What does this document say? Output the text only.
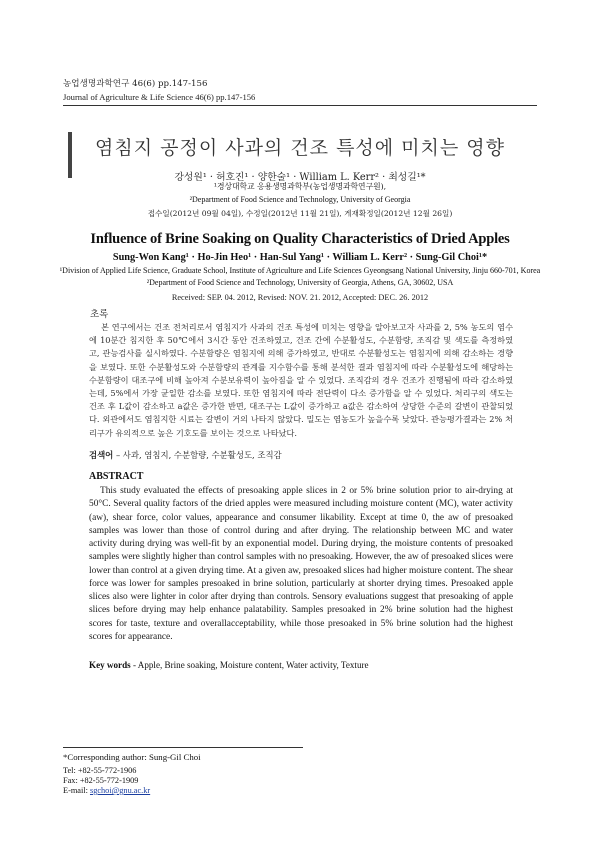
농업생명과학연구 46(6) pp.147-156
Journal of Agriculture & Life Science 46(6) pp.147-156
염침지 공정이 사과의 건조 특성에 미치는 영향
강성원¹ · 허호진¹ · 양한술¹ · William L. Kerr² · 최성길¹*
¹경상대학교 응용생명과학부(농업생명과학연구원),
²Department of Food Science and Technology, University of Georgia
접수일(2012년 09월 04일), 수정일(2012년 11월 21일), 게재확정일(2012년 12월 26일)
Influence of Brine Soaking on Quality Characteristics of Dried Apples
Sung-Won Kang¹ · Ho-Jin Heo¹ · Han-Sul Yang¹ · William L. Kerr² · Sung-Gil Choi¹*
¹Division of Applied Life Science, Graduate School, Institute of Agriculture and Life Sciences Gyeongsang National University, Jinju 660-701, Korea
²Department of Food Science and Technology, University of Georgia, Athens, GA, 30602, USA
Received: SEP. 04. 2012, Revised: NOV. 21. 2012, Accepted: DEC. 26. 2012
초록
본 연구에서는 건조 전처리로서 염침지가 사과의 건조 특성에 미치는 영향을 알아보고자 사과를 2, 5% 농도의 염수에 10분간 침지한 후 50℃에서 3시간 동안 건조하였고, 건조 간에 수분활성도, 수분함량, 조직감 및 색도를 측정하였고, 관능검사를 실시하였다. 수분함량은 염침지에 의해 증가하였고, 반대로 수분활성도는 염침지에 의해 감소하는 경향을 보였다. 또한 수분활성도와 수분함량의 관계를 지수함수를 통해 분석한 결과 염침지에 따라 수분활성도에 해당하는 수분함량이 대조구에 비해 높아져 수분보유력이 높아짐을 알 수 있었다. 조직감의 경우 건조가 진행됨에 따라 감소하였는데, 5%에서 가장 균일한 감소를 보였다. 또한 염침지에 따라 전단력이 다소 증가함을 알 수 있었다. 처리구의 색도는 건조 후 L값이 감소하고 a값은 증가한 반면, 대조구는 L값이 증가하고 a값은 감소하여 상당한 수준의 갈변이 관찰되었다. 외관에서도 염침지한 시료는 갈변이 거의 나타지 않았다. 밀도는 염농도가 높을수록 낮았다. 관능평가결과는 2% 처리구가 유의적으로 높은 기호도를 보이는 것으로 나타났다.
검색어 – 사과, 염침지, 수분함량, 수분활성도, 조직감
ABSTRACT
This study evaluated the effects of presoaking apple slices in 2 or 5% brine solution prior to air-drying at 50°C. Several quality factors of the dried apples were measured including moisture content (MC), water activity (aw), shear force, color values, appearance and consumer likability. Except at time 0, the aw of presoaked samples was lower than those of control during and after drying. The relationship between MC and water activity during drying was well-fit by an exponential model. During drying, the moisture contents of presoaked samples were slightly higher than control samples with no presoaking. However, the aw of presoaked slices were lower than control at a given drying time. At a given aw, presoaked slices had higher moisture content. The shear force was lower for samples presoaked in brine solution, particularly at shorter drying times. Presoaked apple slices also were lighter in color after drying than controls. Sensory evaluations suggest that presoaking of apple slices before drying may help enhance palatability. Samples presoaked in 2% brine solution had the highest scores for taste, texture and overallacceptability, while those presoaked in 5% brine solution had the highest scores for appearance.
Key words - Apple, Brine soaking, Moisture content, Water activity, Texture
*Corresponding author: Sung-Gil Choi
Tel: +82-55-772-1906
Fax: +82-55-772-1909
E-mail: sgchoi@gnu.ac.kr
